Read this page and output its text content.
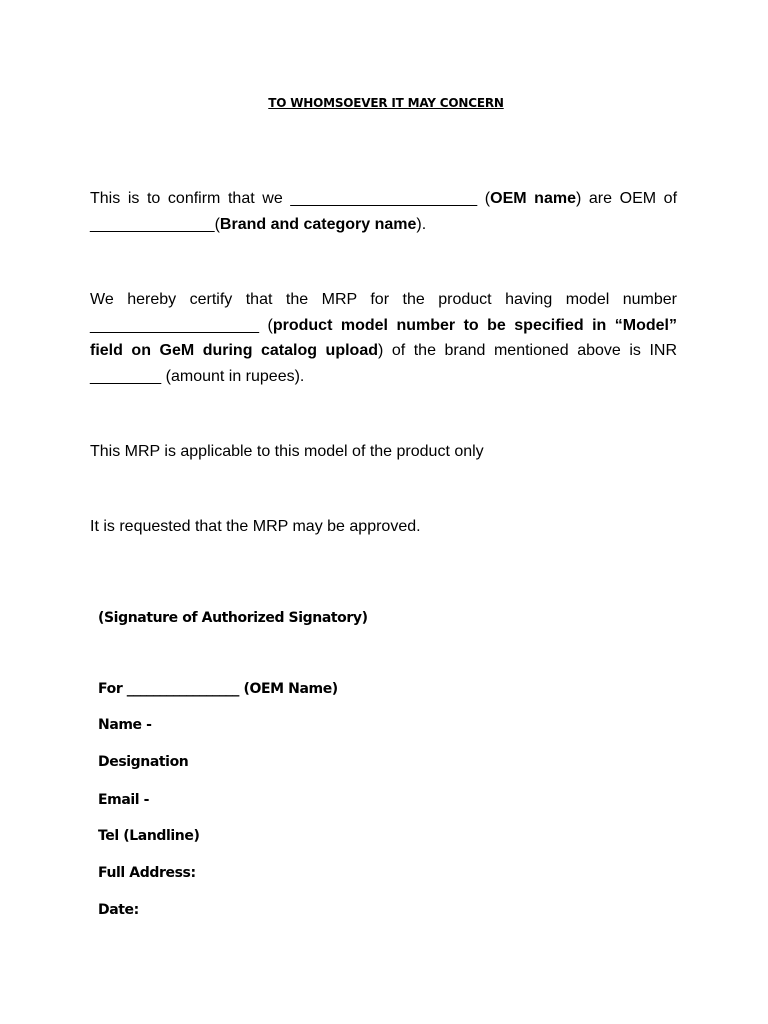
TO WHOMSOEVER IT MAY CONCERN

This is to confirm that we _____________________ (OEM name) are OEM of ______________(Brand and category name).

We hereby certify that the MRP for the product having model number ___________________ (product model number to be specified in “Model” field on GeM during catalog upload) of the brand mentioned above is INR ________ (amount in rupees).

This MRP is applicable to this model of the product only

It is requested that the MRP may be approved.

(Signature of Authorized Signatory)
For _________________ (OEM Name)
Name -
Designation
Email -
Tel (Landline)
Full Address:
Date:
